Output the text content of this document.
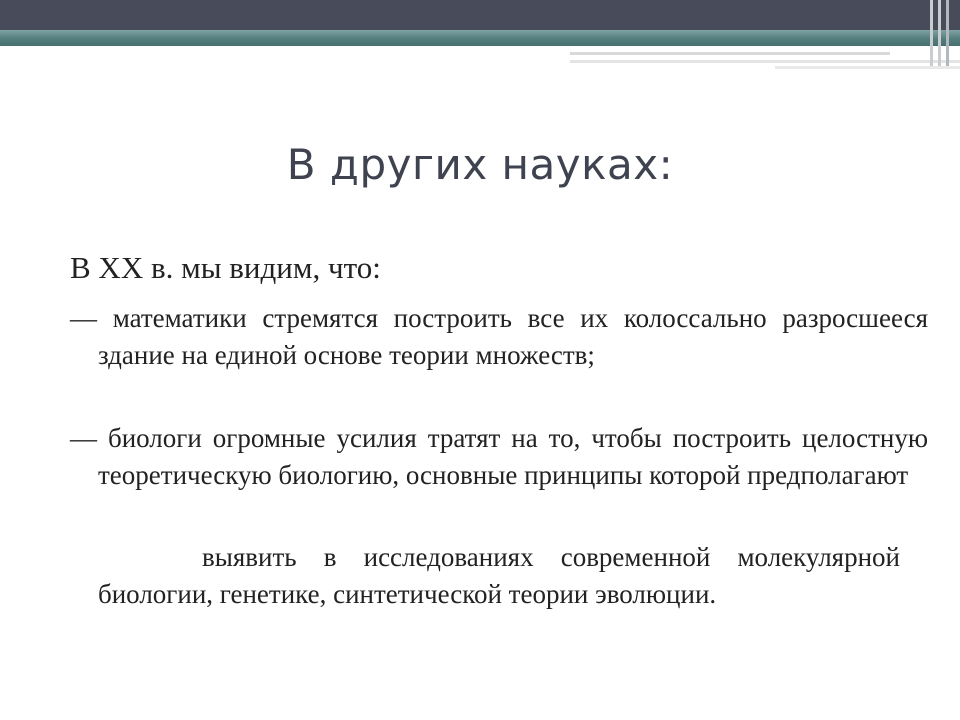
В других науках:
В XX в. мы видим, что:
— математики стремятся построить все их колоссально разросшееся здание на единой основе теории множеств;
— биологи огромные усилия тратят на то, чтобы построить целостную теоретическую биологию, основные принципы которой предполагают
выявить в исследованиях современной молекулярной биологии, генетике, синтетической теории эволюции.
